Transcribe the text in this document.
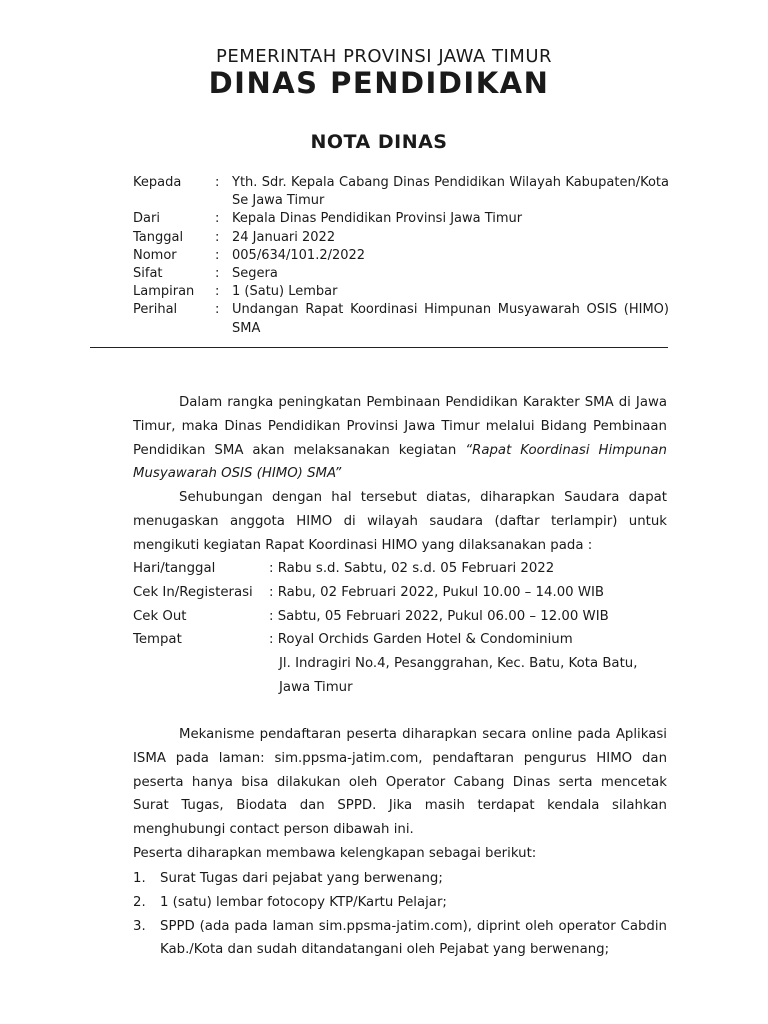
PEMERINTAH PROVINSI JAWA TIMUR
DINAS PENDIDIKAN
NOTA DINAS
Kepada	: Yth. Sdr. Kepala Cabang Dinas Pendidikan Wilayah Kabupaten/Kota Se Jawa Timur
Dari	: Kepala Dinas Pendidikan Provinsi Jawa Timur
Tanggal	: 24 Januari 2022
Nomor	: 005/634/101.2/2022
Sifat	: Segera
Lampiran	: 1 (Satu) Lembar
Perihal	: Undangan Rapat Koordinasi Himpunan Musyawarah OSIS (HIMO) SMA

Dalam rangka peningkatan Pembinaan Pendidikan Karakter SMA di Jawa Timur, maka Dinas Pendidikan Provinsi Jawa Timur melalui Bidang Pembinaan Pendidikan SMA akan melaksanakan kegiatan “Rapat Koordinasi Himpunan Musyawarah OSIS (HIMO) SMA”

Sehubungan dengan hal tersebut diatas, diharapkan Saudara dapat menugaskan anggota HIMO di wilayah saudara (daftar terlampir) untuk mengikuti kegiatan Rapat Koordinasi HIMO yang dilaksanakan pada :

Hari/tanggal	: Rabu s.d. Sabtu, 02 s.d. 05 Februari 2022
Cek In/Registerasi	: Rabu, 02 Februari 2022, Pukul 10.00 – 14.00 WIB
Cek Out	: Sabtu, 05 Februari 2022, Pukul 06.00 – 12.00 WIB
Tempat	: Royal Orchids Garden Hotel & Condominium
Jl. Indragiri No.4, Pesanggrahan, Kec. Batu, Kota Batu,
Jawa Timur

Mekanisme pendaftaran peserta diharapkan secara online pada Aplikasi ISMA pada laman: sim.ppsma-jatim.com, pendaftaran pengurus HIMO dan peserta hanya bisa dilakukan oleh Operator Cabang Dinas serta mencetak Surat Tugas, Biodata dan SPPD. Jika masih terdapat kendala silahkan menghubungi contact person dibawah ini.

Peserta diharapkan membawa kelengkapan sebagai berikut:

1.	Surat Tugas dari pejabat yang berwenang;
2.	1 (satu) lembar fotocopy KTP/Kartu Pelajar;
3.	SPPD (ada pada laman sim.ppsma-jatim.com), diprint oleh operator Cabdin Kab./Kota dan sudah ditandatangani oleh Pejabat yang berwenang;
